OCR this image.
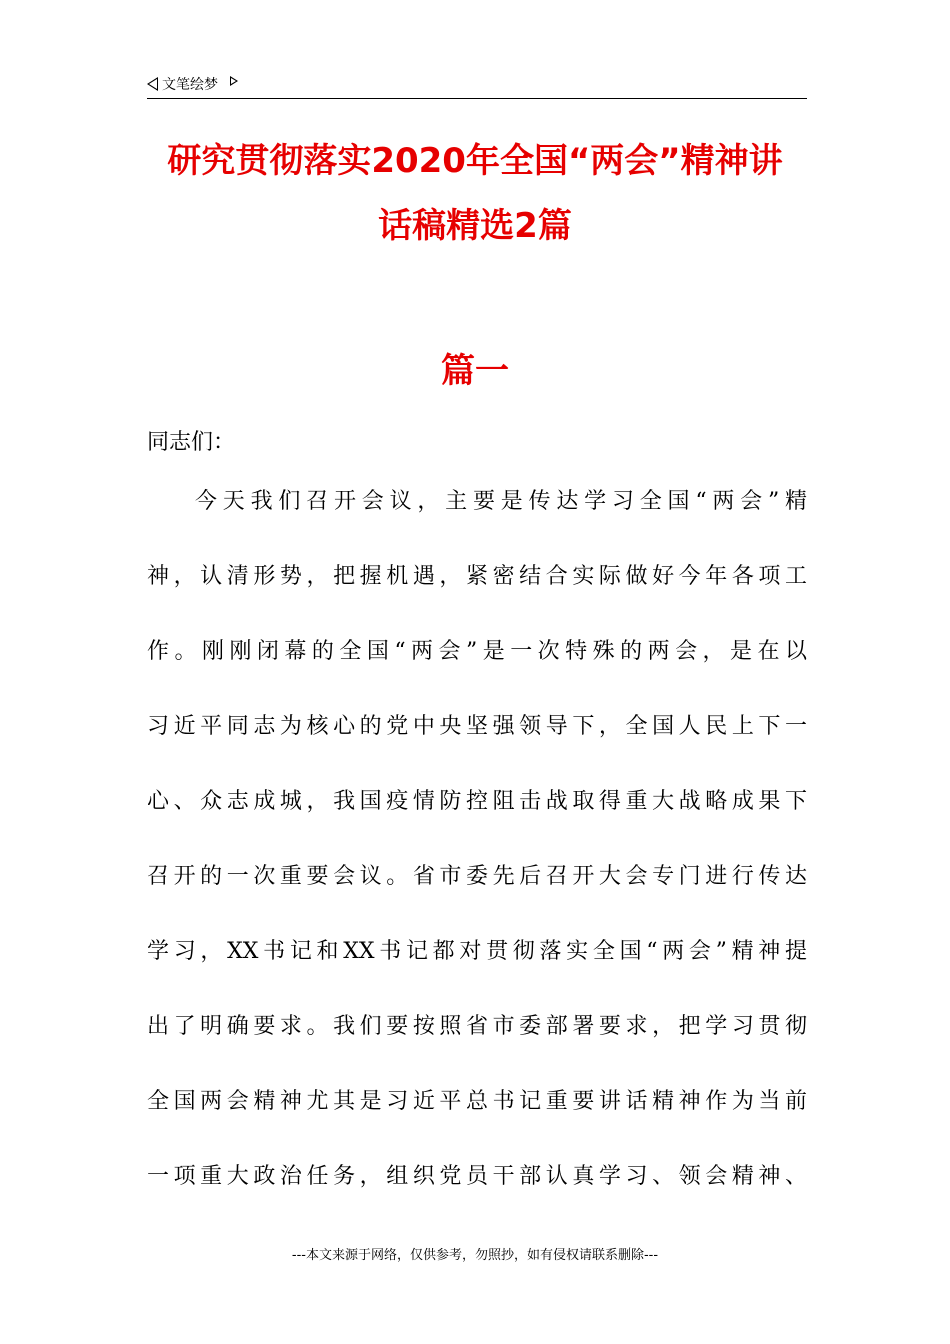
文笔绘梦
研究贯彻落实2020年全国“两会”精神讲
话稿精选2篇
篇一
同志们：
今天我们召开会议，主要是传达学习全国“两会”精
神，认清形势，把握机遇，紧密结合实际做好今年各项工
作。刚刚闭幕的全国“两会”是一次特殊的两会，是在以
习近平同志为核心的党中央坚强领导下，全国人民上下一
心、众志成城，我国疫情防控阻击战取得重大战略成果下
召开的一次重要会议。省市委先后召开大会专门进行传达
学习，XX书记和XX书记都对贯彻落实全国“两会”精神提
出了明确要求。我们要按照省市委部署要求，把学习贯彻
全国两会精神尤其是习近平总书记重要讲话精神作为当前
一项重大政治任务，组织党员干部认真学习、领会精神、
---本文来源于网络，仅供参考，勿照抄，如有侵权请联系删除---
